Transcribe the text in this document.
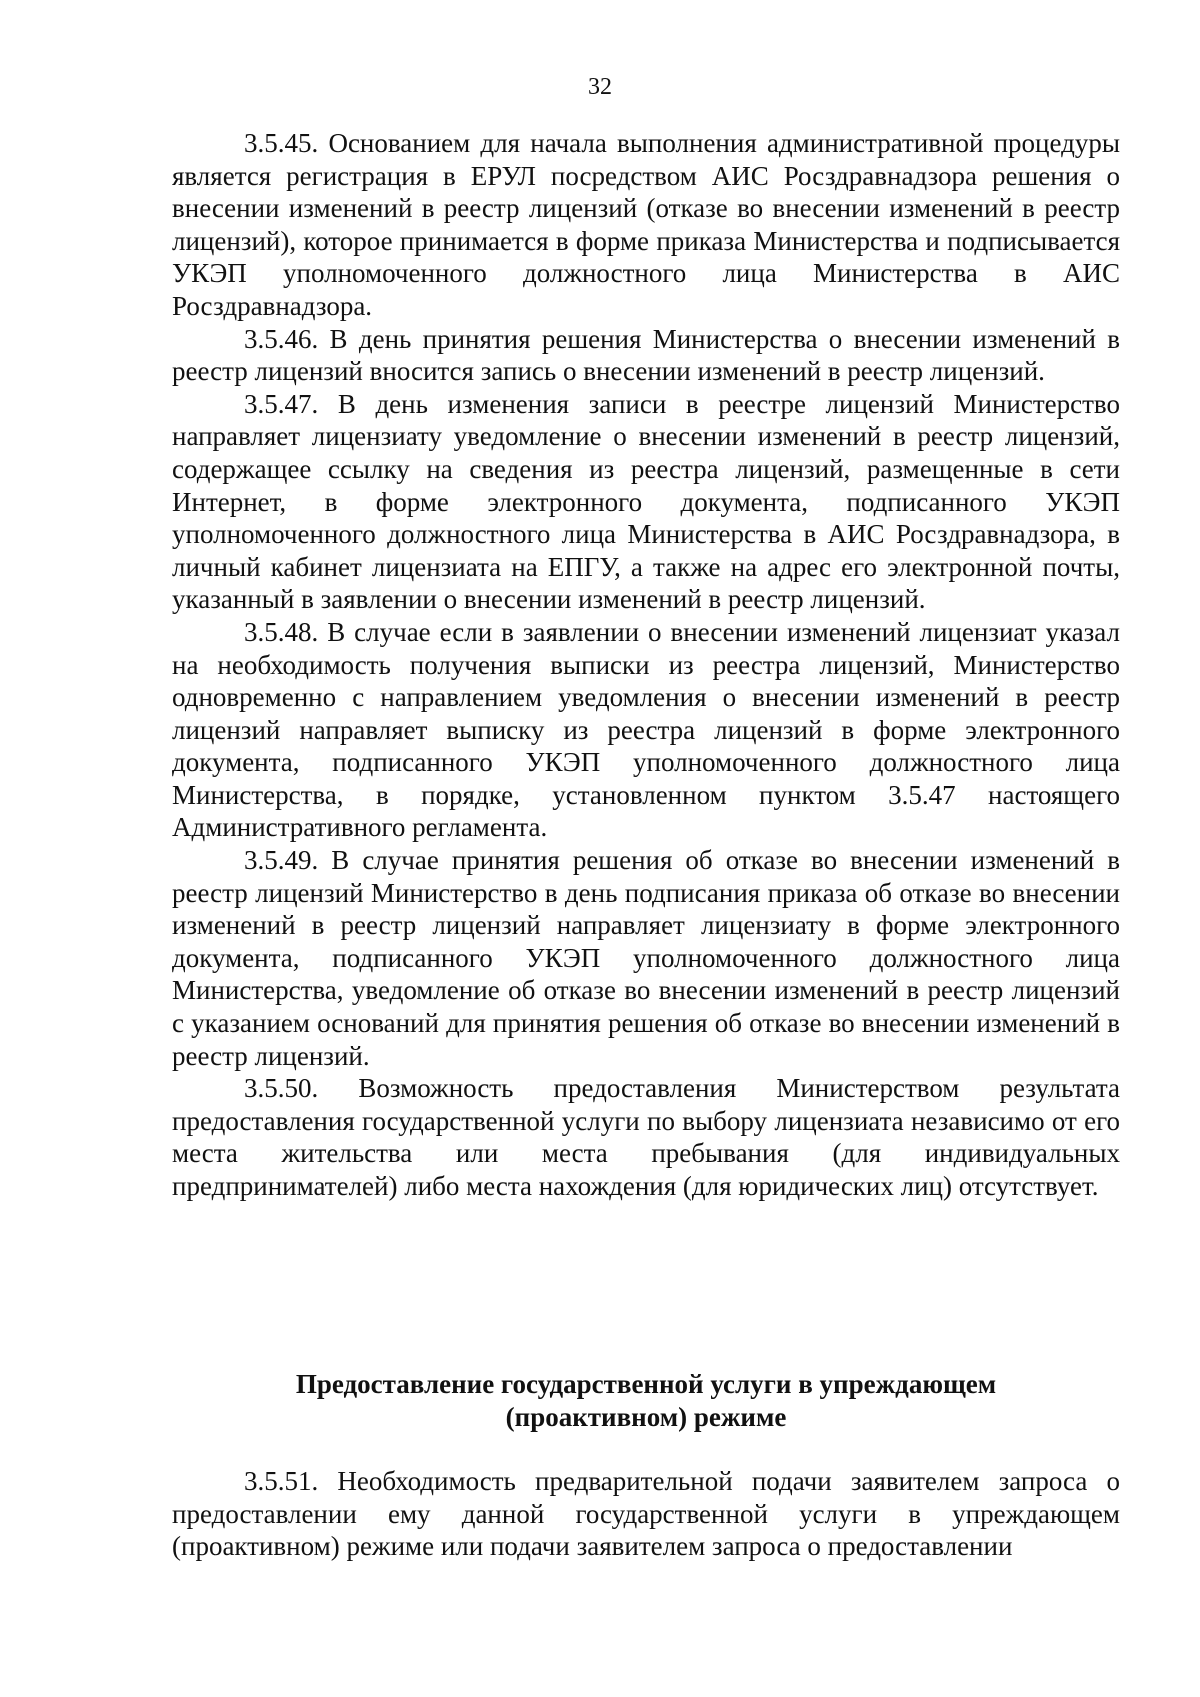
32

3.5.45. Основанием для начала выполнения административной процедуры является регистрация в ЕРУЛ посредством АИС Росздравнадзора решения о внесении изменений в реестр лицензий (отказе во внесении изменений в реестр лицензий), которое принимается в форме приказа Министерства и подписывается УКЭП уполномоченного должностного лица Министерства в АИС Росздравнадзора.

3.5.46. В день принятия решения Министерства о внесении изменений в реестр лицензий вносится запись о внесении изменений в реестр лицензий.

3.5.47. В день изменения записи в реестре лицензий Министерство направляет лицензиату уведомление о внесении изменений в реестр лицензий, содержащее ссылку на сведения из реестра лицензий, размещенные в сети Интернет, в форме электронного документа, подписанного УКЭП уполномоченного должностного лица Министерства в АИС Росздравнадзора, в личный кабинет лицензиата на ЕПГУ, а также на адрес его электронной почты, указанный в заявлении о внесении изменений в реестр лицензий.

3.5.48. В случае если в заявлении о внесении изменений лицензиат указал на необходимость получения выписки из реестра лицензий, Министерство одновременно с направлением уведомления о внесении изменений в реестр лицензий направляет выписку из реестра лицензий в форме электронного документа, подписанного УКЭП уполномоченного должностного лица Министерства, в порядке, установленном пунктом 3.5.47 настоящего Административного регламента.

3.5.49. В случае принятия решения об отказе во внесении изменений в реестр лицензий Министерство в день подписания приказа об отказе во внесении изменений в реестр лицензий направляет лицензиату в форме электронного документа, подписанного УКЭП уполномоченного должностного лица Министерства, уведомление об отказе во внесении изменений в реестр лицензий с указанием оснований для принятия решения об отказе во внесении изменений в реестр лицензий.

3.5.50. Возможность предоставления Министерством результата предоставления государственной услуги по выбору лицензиата независимо от его места жительства или места пребывания (для индивидуальных предпринимателей) либо места нахождения (для юридических лиц) отсутствует.

Предоставление государственной услуги в упреждающем
(проактивном) режиме

3.5.51. Необходимость предварительной подачи заявителем запроса о предоставлении ему данной государственной услуги в упреждающем (проактивном) режиме или подачи заявителем запроса о предоставлении
